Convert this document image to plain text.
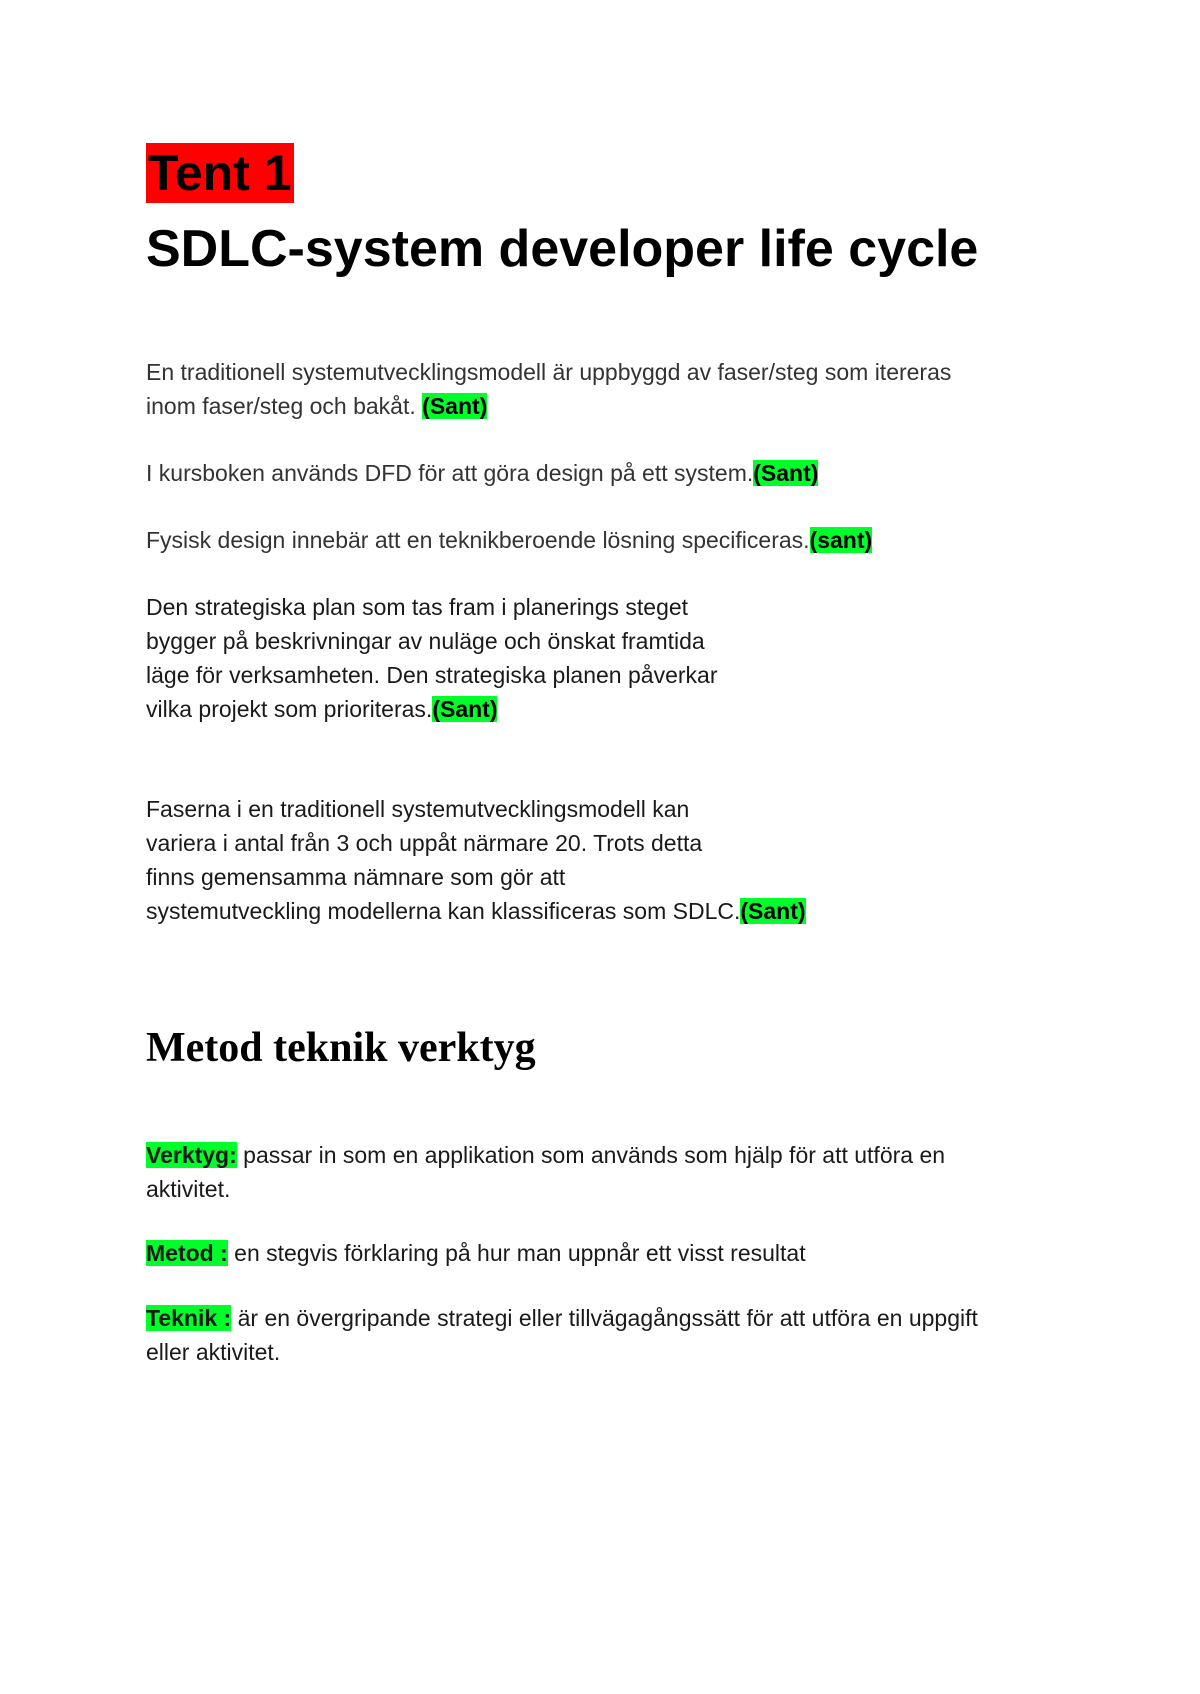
Tent 1
SDLC-system developer life cycle
En traditionell systemutvecklingsmodell är uppbyggd av faser/steg som itereras
inom faser/steg och bakåt. (Sant)
I kursboken används DFD för att göra design på ett system.(Sant)
Fysisk design innebär att en teknikberoende lösning specificeras.(sant)
Den strategiska plan som tas fram i planerings steget
bygger på beskrivningar av nuläge och önskat framtida
läge för verksamheten. Den strategiska planen påverkar
vilka projekt som prioriteras.(Sant)
Faserna i en traditionell systemutvecklingsmodell kan
variera i antal från 3 och uppåt närmare 20. Trots detta
finns gemensamma nämnare som gör att
systemutveckling modellerna kan klassificeras som SDLC.(Sant)
Metod teknik verktyg
Verktyg: passar in som en applikation som används som hjälp för att utföra en
aktivitet.
Metod : en stegvis förklaring på hur man uppnår ett visst resultat
Teknik : är en övergripande strategi eller tillvägagångssätt för att utföra en uppgift
eller aktivitet.
